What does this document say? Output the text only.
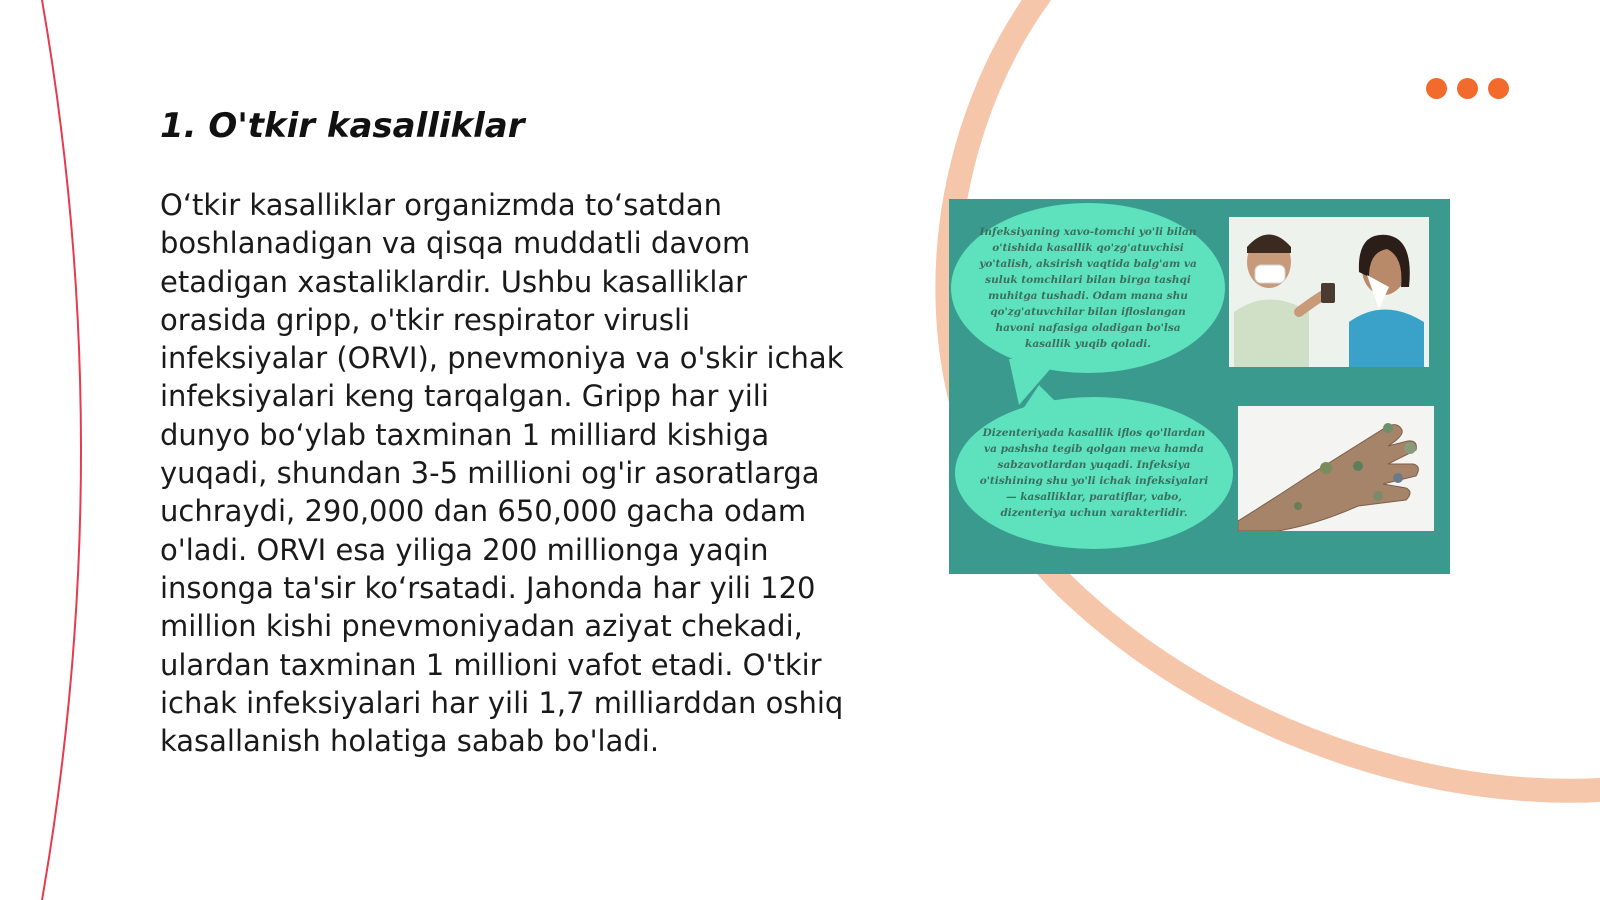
1. O'tkir kasalliklar

O‘tkir kasalliklar organizmda to‘satdan boshlanadigan va qisqa muddatli davom etadigan xastaliklardir. Ushbu kasalliklar orasida gripp, o'tkir respirator virusli infeksiyalar (ORVI), pnevmoniya va o'skir ichak infeksiyalari keng tarqalgan. Gripp har yili dunyo bo‘ylab taxminan 1 milliard kishiga yuqadi, shundan 3-5 millioni og'ir asoratlarga uchraydi, 290,000 dan 650,000 gacha odam o'ladi. ORVI esa yiliga 200 millionga yaqin insonga ta'sir ko‘rsatadi. Jahonda har yili 120 million kishi pnevmoniyadan aziyat chekadi, ulardan taxminan 1 millioni vafot etadi. O'tkir ichak infeksiyalari har yili 1,7 milliarddan oshiq kasallanish holatiga sabab bo'ladi.

Infeksiyaning xavo-tomchi yo'li bilan o'tishida kasallik qo'zg'atuvchisi yo'talish, aksirish vaqtida balg'am va suluk tomchilari bilan birga tashqi muhitga tushadi. Odam mana shu qo'zg'atuvchilar bilan ifloslangan havoni nafasiga oladigan bo'lsa kasallik yuqib qoladi.
Dizenteriyada kasallik iflos qo'llardan va pashsha tegib qolgan meva hamda sabzavotlardan yuqadi. Infeksiya o'tishining shu yo'li ichak infeksiyalari — kasalliklar, paratiflar, vabo, dizenteriya uchun xarakterlidir.
